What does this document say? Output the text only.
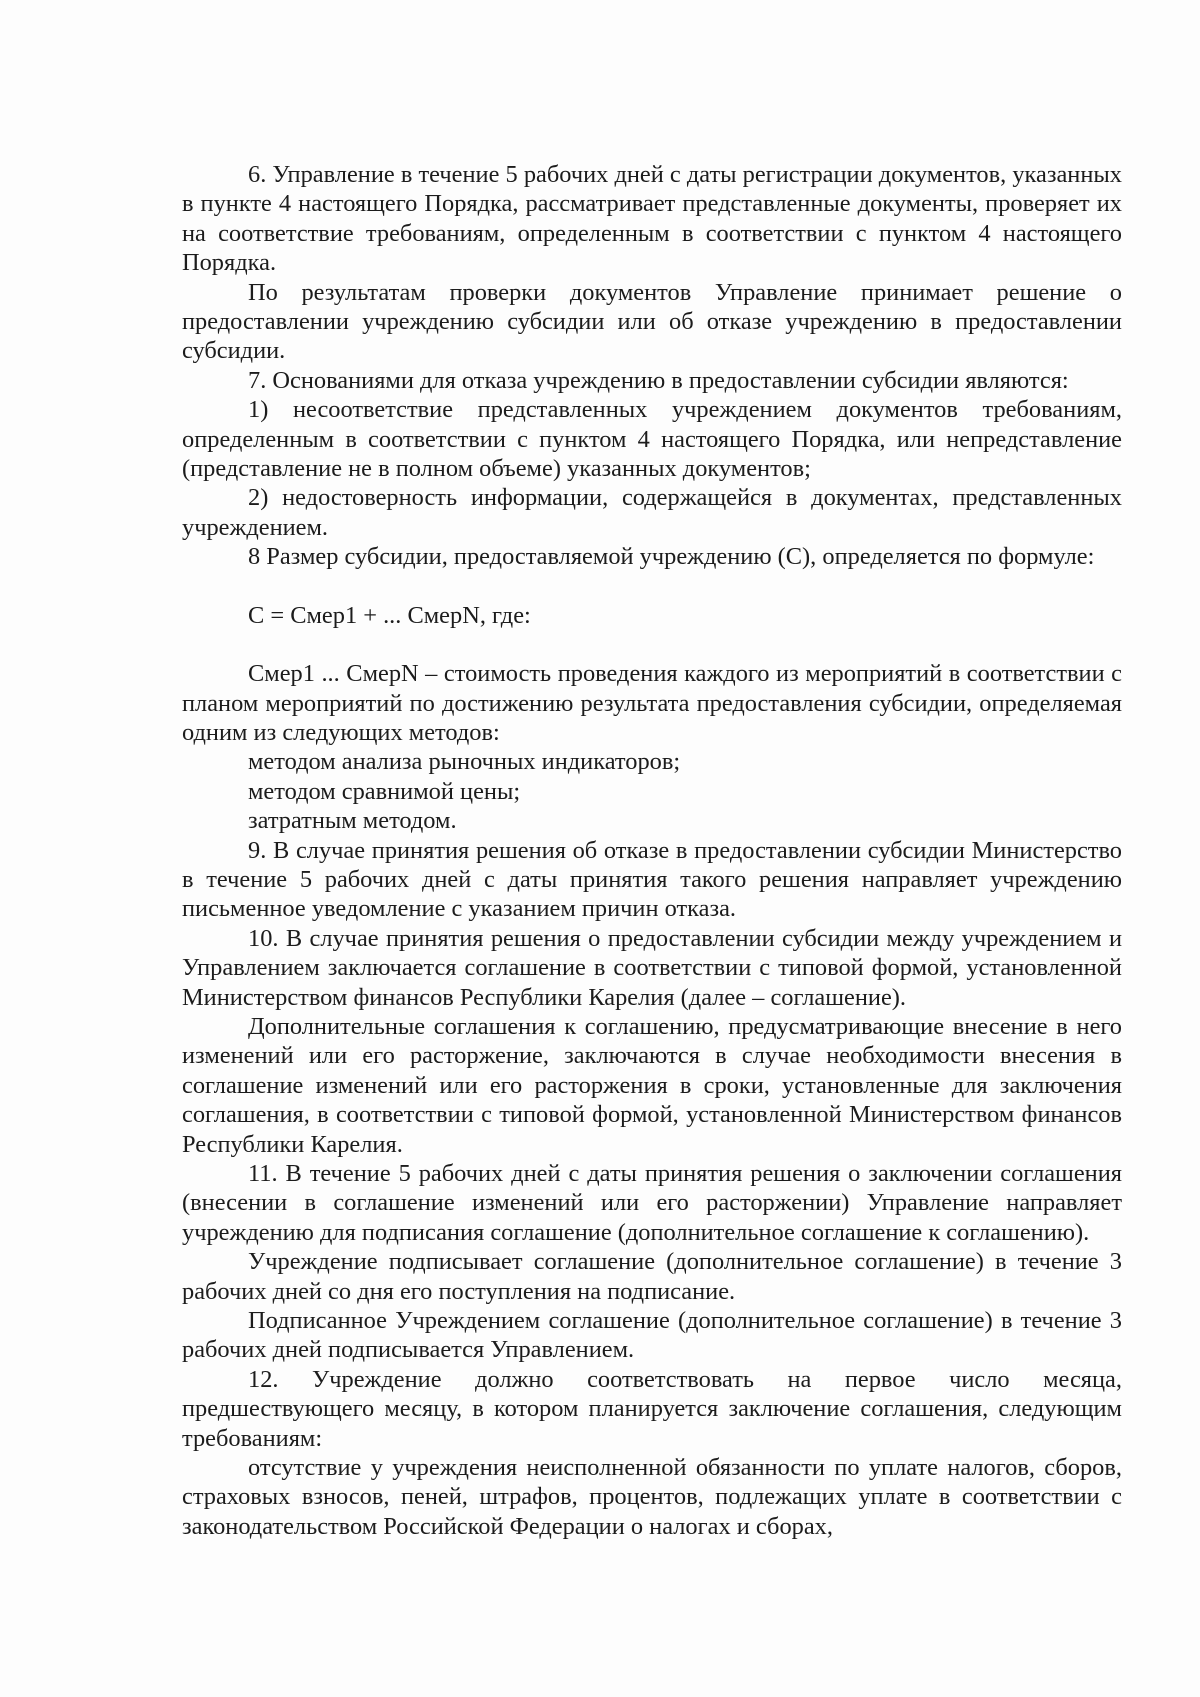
6. Управление в течение 5 рабочих дней с даты регистрации документов, указанных в пункте 4 настоящего Порядка, рассматривает представленные документы, проверяет их на соответствие требованиям, определенным в соответствии с пунктом 4 настоящего Порядка.

По результатам проверки документов Управление принимает решение о предоставлении учреждению субсидии или об отказе учреждению в предоставлении субсидии.

7. Основаниями для отказа учреждению в предоставлении субсидии являются:

1) несоответствие представленных учреждением документов требованиям, определенным в соответствии с пунктом 4 настоящего Порядка, или непредставление (представление не в полном объеме) указанных документов;

2) недостоверность информации, содержащейся в документах, представленных учреждением.

8 Размер субсидии, предоставляемой учреждению (С), определяется по формуле:

С = Смер1 + ... СмерN, где:

Смер1 ... СмерN – стоимость проведения каждого из мероприятий в соответствии с планом мероприятий по достижению результата предоставления субсидии, определяемая одним из следующих методов:

методом анализа рыночных индикаторов;

методом сравнимой цены;

затратным методом.

9. В случае принятия решения об отказе в предоставлении субсидии Министерство в течение 5 рабочих дней с даты принятия такого решения направляет учреждению письменное уведомление с указанием причин отказа.

10. В случае принятия решения о предоставлении субсидии между учреждением и Управлением заключается соглашение в соответствии с типовой формой, установленной Министерством финансов Республики Карелия (далее – соглашение).

Дополнительные соглашения к соглашению, предусматривающие внесение в него изменений или его расторжение, заключаются в случае необходимости внесения в соглашение изменений или его расторжения в сроки, установленные для заключения соглашения, в соответствии с типовой формой, установленной Министерством финансов Республики Карелия.

11. В течение 5 рабочих дней с даты принятия решения о заключении соглашения (внесении в соглашение изменений или его расторжении) Управление направляет учреждению для подписания соглашение (дополнительное соглашение к соглашению).

Учреждение подписывает соглашение (дополнительное соглашение) в течение 3 рабочих дней со дня его поступления на подписание.

Подписанное Учреждением соглашение (дополнительное соглашение) в течение 3 рабочих дней подписывается Управлением.

12. Учреждение должно соответствовать на первое число месяца, предшествующего месяцу, в котором планируется заключение соглашения, следующим требованиям:

отсутствие у учреждения неисполненной обязанности по уплате налогов, сборов, страховых взносов, пеней, штрафов, процентов, подлежащих уплате в соответствии с законодательством Российской Федерации о налогах и сборах,
